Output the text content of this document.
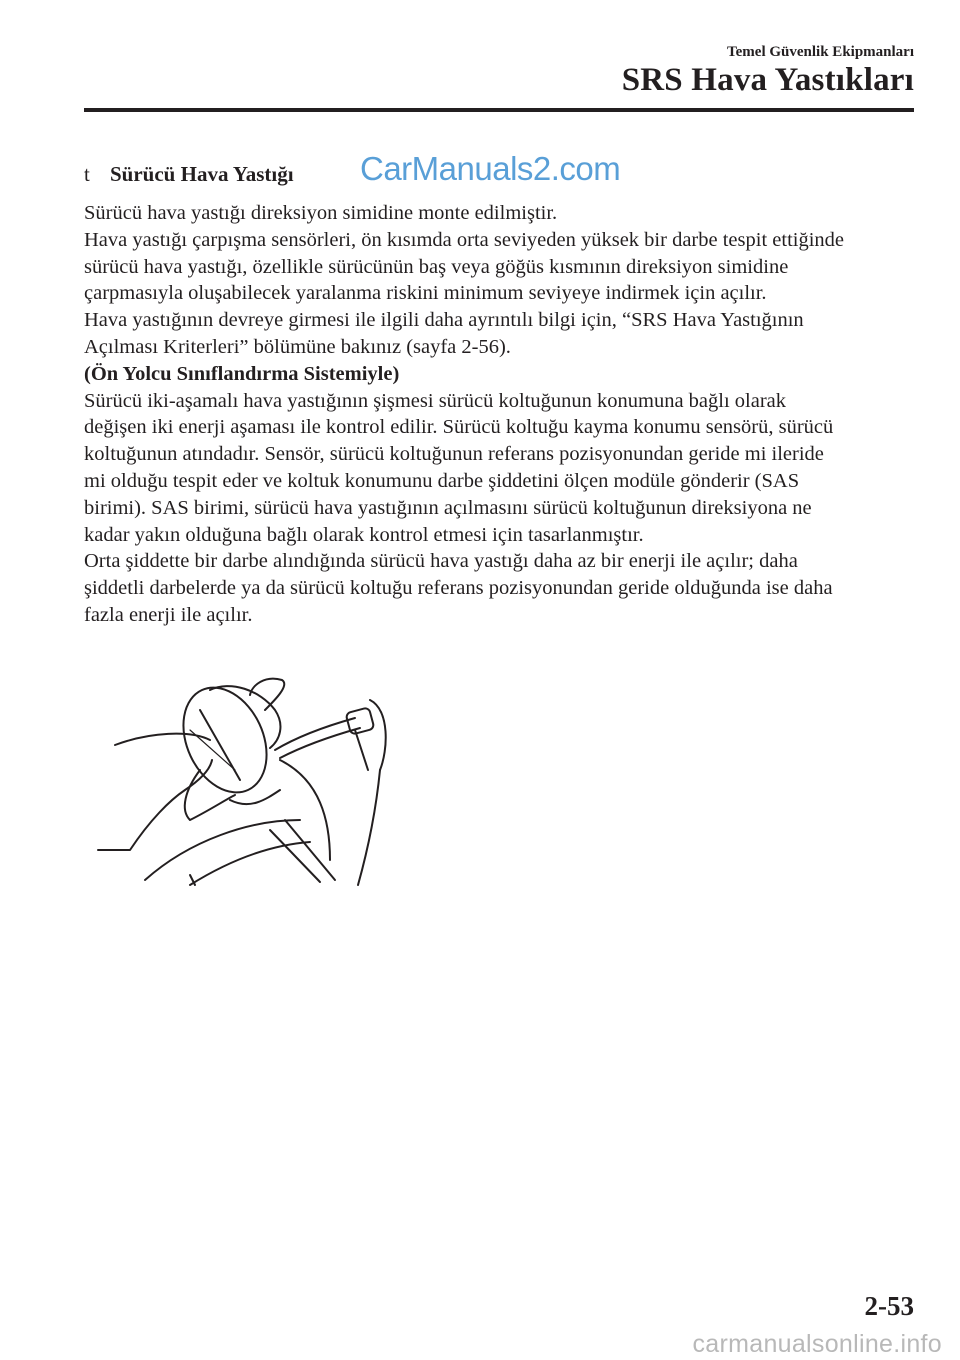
Temel Güvenlik Ekipmanları
SRS Hava Yastıkları
t Sürücü Hava Yastığı
Sürücü hava yastığı direksiyon simidine monte edilmiştir.
Hava yastığı çarpışma sensörleri, ön kısımda orta seviyeden yüksek bir darbe tespit ettiğinde
sürücü hava yastığı, özellikle sürücünün baş veya göğüs kısmının direksiyon simidine
çarpmasıyla oluşabilecek yaralanma riskini minimum seviyeye indirmek için açılır.
Hava yastığının devreye girmesi ile ilgili daha ayrıntılı bilgi için, “SRS Hava Yastığının
Açılması Kriterleri” bölümüne bakınız (sayfa 2-56).
(Ön Yolcu Sınıflandırma Sistemiyle)
Sürücü iki-aşamalı hava yastığının şişmesi sürücü koltuğunun konumuna bağlı olarak
değişen iki enerji aşaması ile kontrol edilir. Sürücü koltuğu kayma konumu sensörü, sürücü
koltuğunun atındadır. Sensör, sürücü koltuğunun referans pozisyonundan geride mi ileride
mi olduğu tespit eder ve koltuk konumunu darbe şiddetini ölçen modüle gönderir (SAS
birimi). SAS birimi, sürücü hava yastığının açılmasını sürücü koltuğunun direksiyona ne
kadar yakın olduğuna bağlı olarak kontrol etmesi için tasarlanmıştır.
Orta şiddette bir darbe alındığında sürücü hava yastığı daha az bir enerji ile açılır; daha
şiddetli darbelerde ya da sürücü koltuğu referans pozisyonundan geride olduğunda ise daha
fazla enerji ile açılır.
CarManuals2.com
2-53
carmanualsonline.info
